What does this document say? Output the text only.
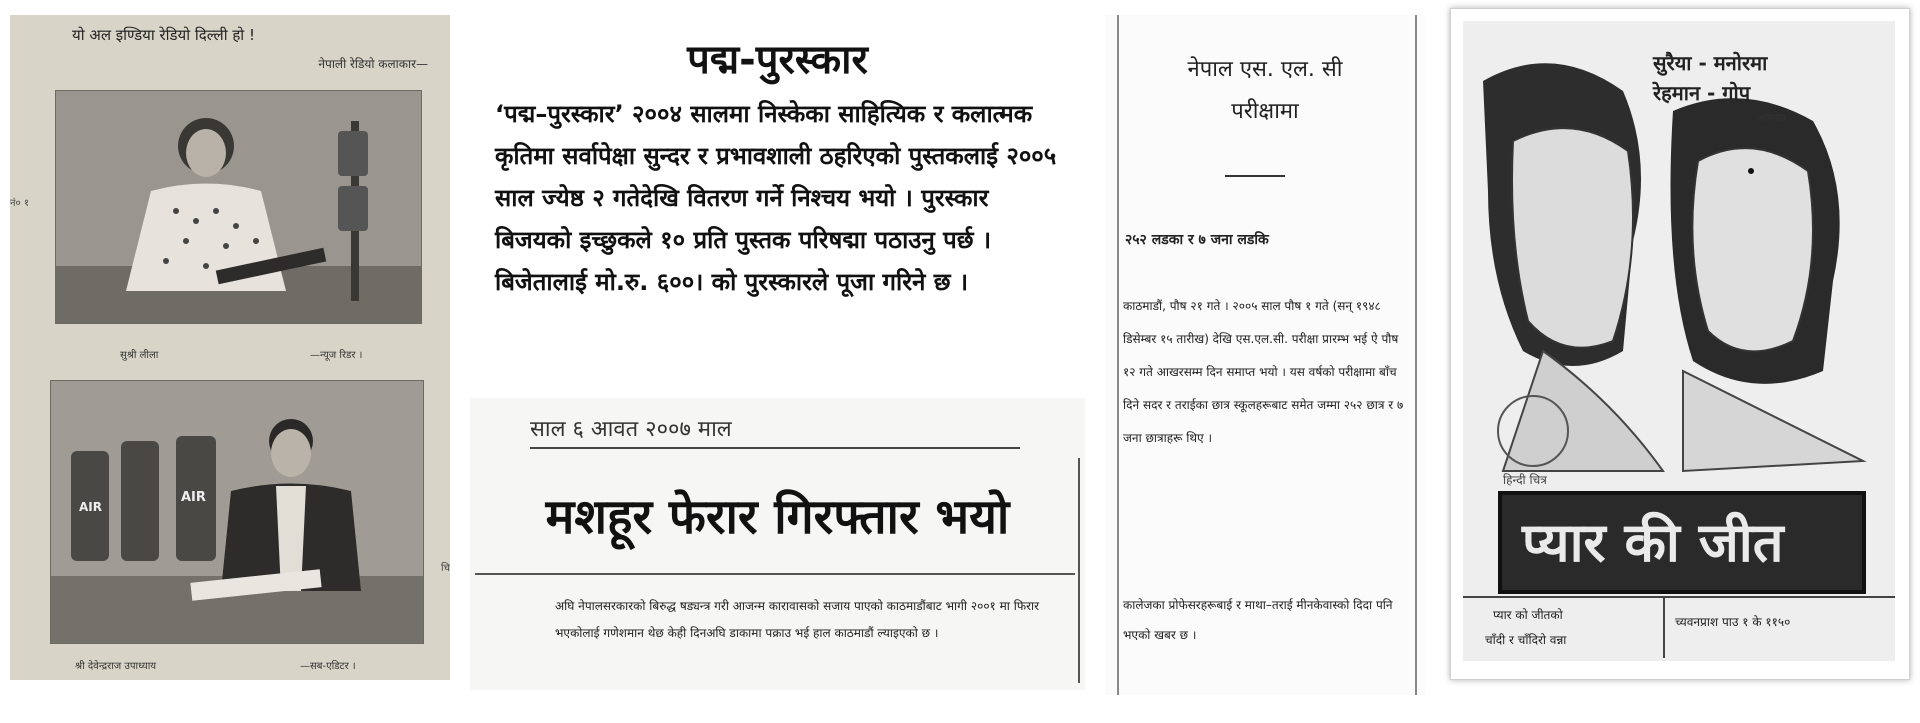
यो अल इण्डिया रेडियो दिल्ली हो !
नेपाली रेडियो कलाकार—
नं० १
चि
सुश्री लीला	—न्यूज रिडर ।
AIR
AIR
श्री देवेन्द्रराज उपाध्याय	—सब-एडिटर ।
पद्म-पुरस्कार
‘पद्म–पुरस्कार’ २००४ सालमा निस्केका साहित्यिक र कलात्मक कृतिमा सर्वापेक्षा सुन्दर र प्रभावशाली ठहरिएको पुस्तकलाई २००५ साल ज्येष्ठ २ गतेदेखि वितरण गर्ने निश्चय भयो । पुरस्कार बिजयको इच्छुकले १० प्रति पुस्तक परिषद्मा पठाउनु पर्छ । बिजेतालाई मो.रु. ६००। को पुरस्कारले पूजा गरिने छ ।
साल ६ आवत २००७ माल
मशहूर फेरार गिरफ्तार भयो
अघि नेपालसरकारको बिरुद्ध षड्यन्त्र गरी आजन्म कारावासको सजाय पाएको काठमाडौंबाट भागी २००१ मा फिरार भएकोलाई गणेशमान थेछ केही दिनअघि डाकामा पक्राउ भई हाल काठमाडौं ल्याइएको छ ।
नेपाल एस. एल. सी
परीक्षामा
२५२ लडका र ७ जना लडकि
काठमाडौं, पौष २१ गते । २००५ साल पौष १ गते (सन् १९४८ डिसेम्बर १५ तारीख) देखि एस.एल.सी. परीक्षा प्रारम्भ भई ऐ पौष १२ गते आखरसम्म दिन समाप्त भयो । यस वर्षको परीक्षामा बाँच दिने सदर र तराईका छात्र स्कूलहरूबाट समेत जम्मा २५२ छात्र र ७ जना छात्राहरू थिए ।
कालेजका प्रोफेसरहरूबाई र माथा–तराई मीनकेवास्को दिदा पनि भएको खबर छ ।
सुरैया - मनोरमा
रेहमान - गोप
अभिनीत
हिन्दी चित्र
प्यार की जीत
प्यार को जीतको
चाँदी र चाँदिरो वन्ना
च्यवनप्राश पाउ १ के ११५०
